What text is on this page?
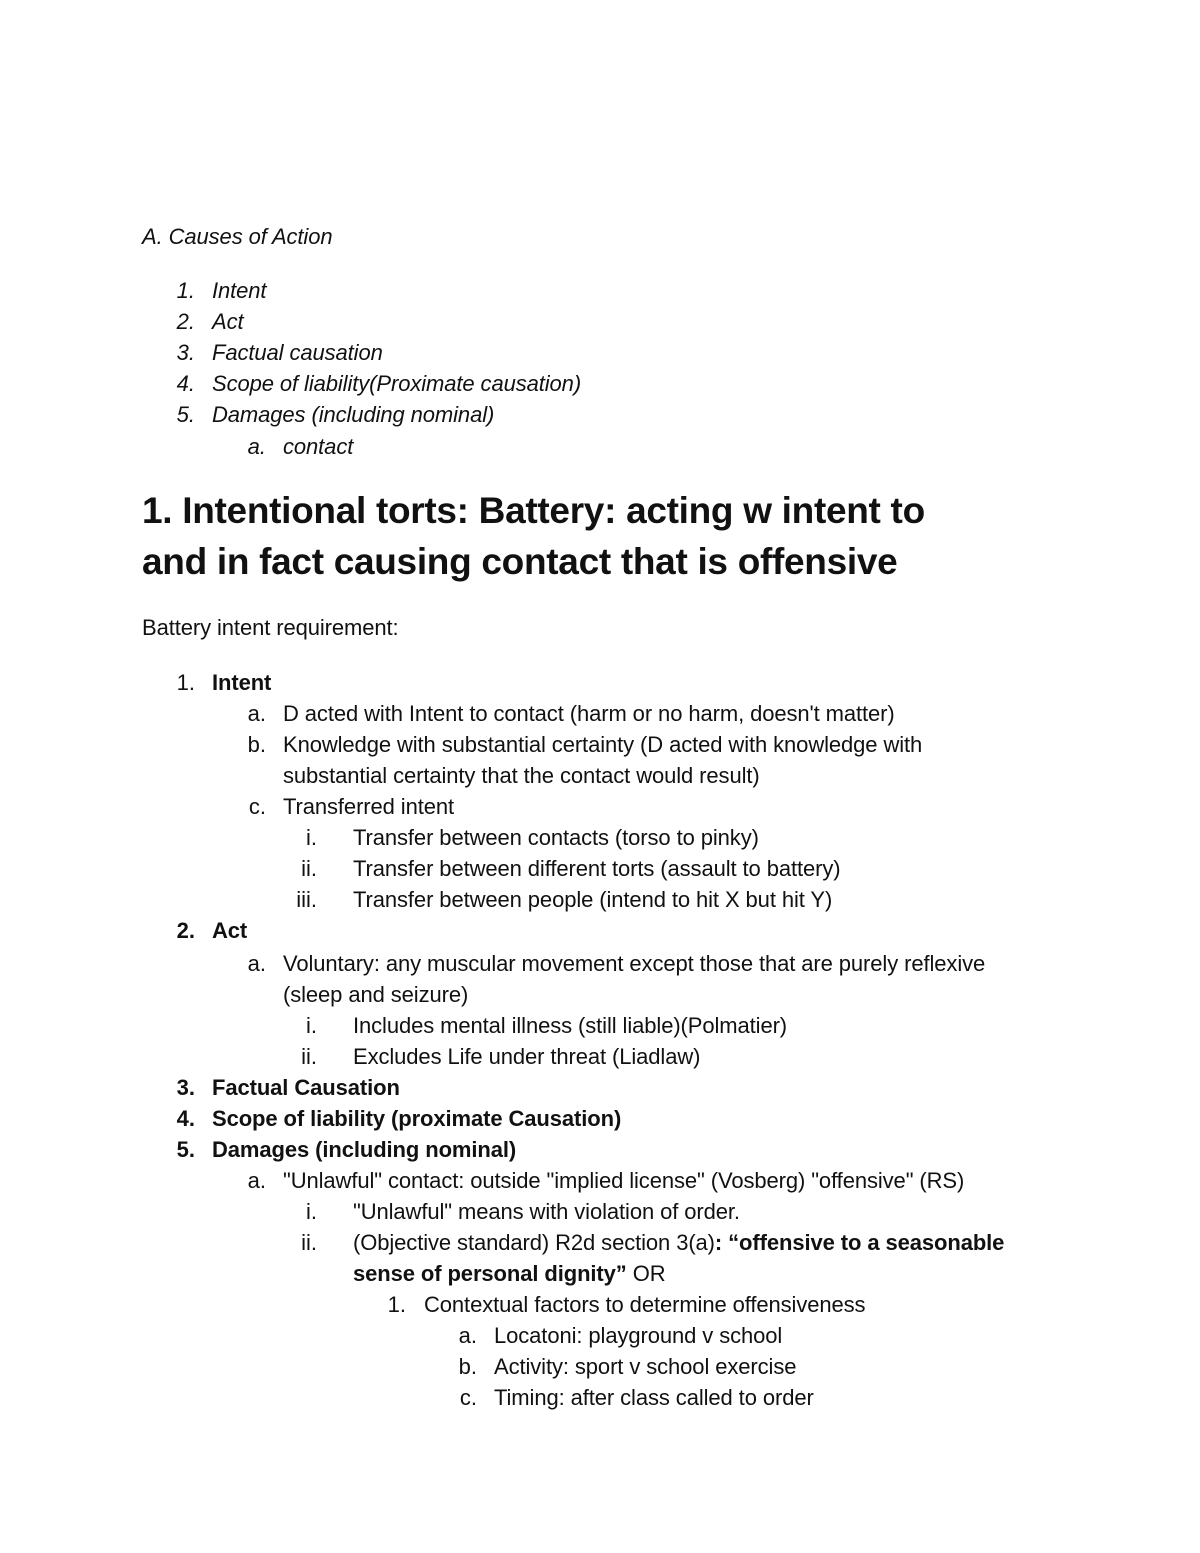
A. Causes of Action
1. Intent
2. Act
3. Factual causation
4. Scope of liability(Proximate causation)
5. Damages (including nominal)
a. contact
1. Intentional torts: Battery: acting w intent to
and in fact causing contact that is offensive
Battery intent requirement:
1. Intent
a. D acted with Intent to contact (harm or no harm, doesn't matter)
b. Knowledge with substantial certainty (D acted with knowledge with
substantial certainty that the contact would result)
c. Transferred intent
i. Transfer between contacts (torso to pinky)
ii. Transfer between different torts (assault to battery)
iii. Transfer between people (intend to hit X but hit Y)
2. Act
a. Voluntary: any muscular movement except those that are purely reflexive
(sleep and seizure)
i. Includes mental illness (still liable)(Polmatier)
ii. Excludes Life under threat (Liadlaw)
3. Factual Causation
4. Scope of liability (proximate Causation)
5. Damages (including nominal)
a. "Unlawful" contact: outside "implied license" (Vosberg) "offensive" (RS)
i. "Unlawful" means with violation of order.
ii. (Objective standard) R2d section 3(a): “offensive to a seasonable
sense of personal dignity” OR
1. Contextual factors to determine offensiveness
a. Locatoni: playground v school
b. Activity: sport v school exercise
c. Timing: after class called to order
